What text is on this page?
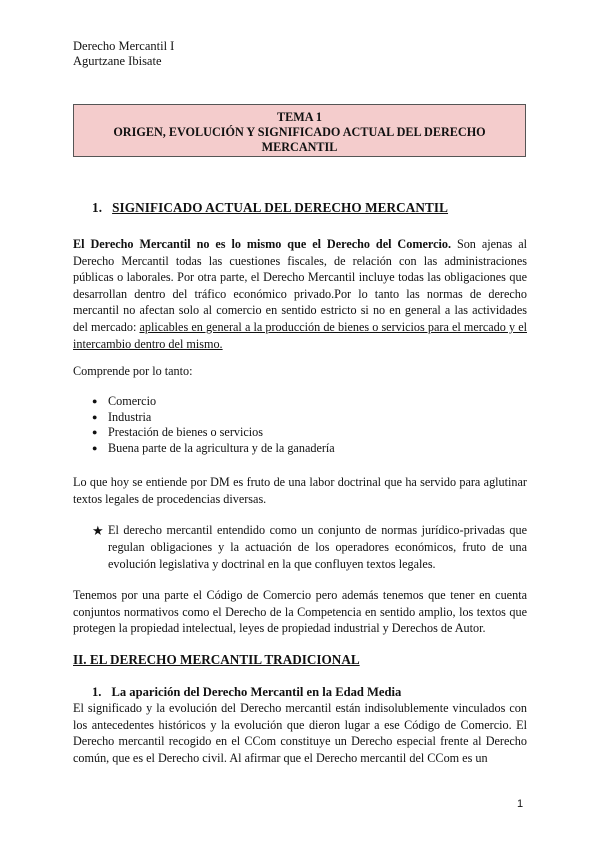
Derecho Mercantil I
Agurtzane Ibisate
TEMA 1
ORIGEN, EVOLUCIÓN Y SIGNIFICADO ACTUAL DEL DERECHO
MERCANTIL
1. SIGNIFICADO ACTUAL DEL DERECHO MERCANTIL
El Derecho Mercantil no es lo mismo que el Derecho del Comercio. Son ajenas al Derecho Mercantil todas las cuestiones fiscales, de relación con las administraciones públicas o laborales. Por otra parte, el Derecho Mercantil incluye todas las obligaciones que desarrollan dentro del tráfico económico privado.Por lo tanto las normas de derecho mercantil no afectan solo al comercio en sentido estricto si no en general a las actividades del mercado: aplicables en general a la producción de bienes o servicios para el mercado y el intercambio dentro del mismo.
Comprende por lo tanto:
● Comercio
● Industria
● Prestación de bienes o servicios
● Buena parte de la agricultura y de la ganadería
Lo que hoy se entiende por DM es fruto de una labor doctrinal que ha servido para aglutinar textos legales de procedencias diversas.
★ El derecho mercantil entendido como un conjunto de normas jurídico-privadas que regulan obligaciones y la actuación de los operadores económicos, fruto de una evolución legislativa y doctrinal en la que confluyen textos legales.
Tenemos por una parte el Código de Comercio pero además tenemos que tener en cuenta conjuntos normativos como el Derecho de la Competencia en sentido amplio, los textos que protegen la propiedad intelectual, leyes de propiedad industrial y Derechos de Autor.
II. EL DERECHO MERCANTIL TRADICIONAL
1. La aparición del Derecho Mercantil en la Edad Media
El significado y la evolución del Derecho mercantil están indisolublemente vinculados con los antecedentes históricos y la evolución que dieron lugar a ese Código de Comercio. El Derecho mercantil recogido en el CCom constituye un Derecho especial frente al Derecho común, que es el Derecho civil. Al afirmar que el Derecho mercantil del CCom es un
1
